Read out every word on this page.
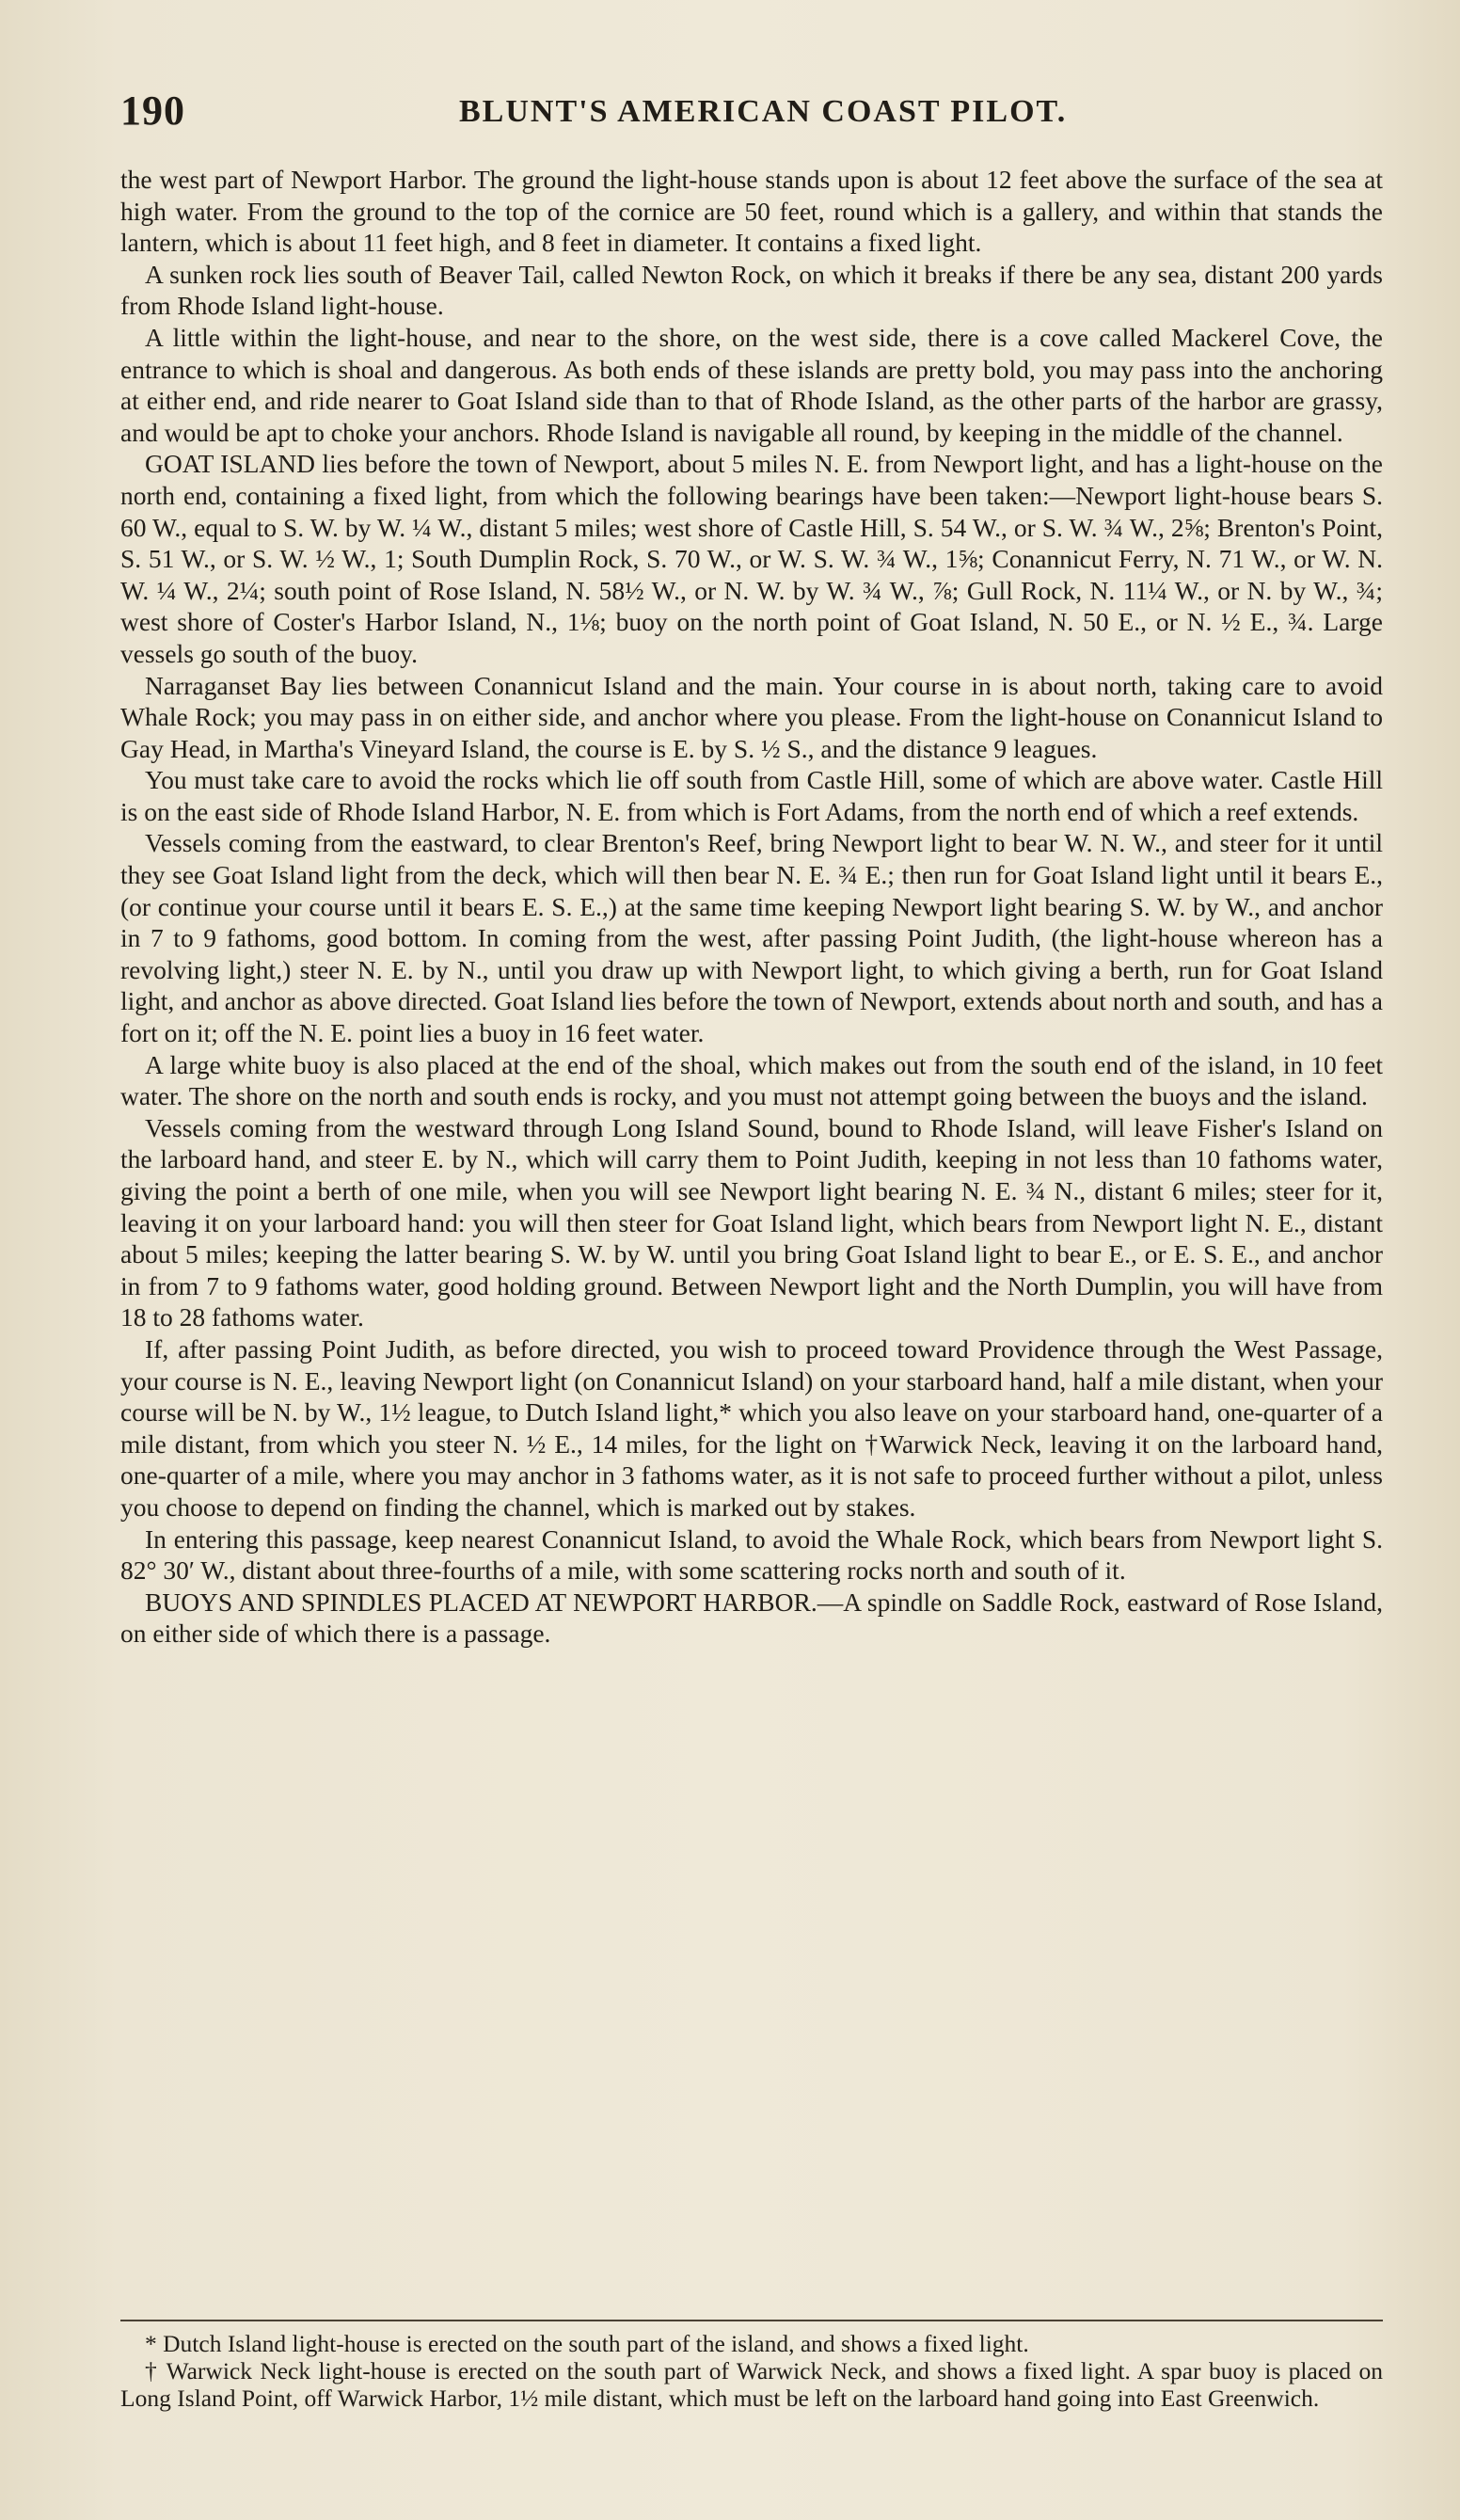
190	BLUNT'S AMERICAN COAST PILOT.

the west part of Newport Harbor. The ground the light-house stands upon is about 12 feet above the surface of the sea at high water. From the ground to the top of the cornice are 50 feet, round which is a gallery, and within that stands the lantern, which is about 11 feet high, and 8 feet in diameter. It contains a fixed light.

A sunken rock lies south of Beaver Tail, called Newton Rock, on which it breaks if there be any sea, distant 200 yards from Rhode Island light-house.

A little within the light-house, and near to the shore, on the west side, there is a cove called Mackerel Cove, the entrance to which is shoal and dangerous. As both ends of these islands are pretty bold, you may pass into the anchoring at either end, and ride nearer to Goat Island side than to that of Rhode Island, as the other parts of the harbor are grassy, and would be apt to choke your anchors. Rhode Island is navigable all round, by keeping in the middle of the channel.

GOAT ISLAND lies before the town of Newport, about 5 miles N. E. from Newport light, and has a light-house on the north end, containing a fixed light, from which the following bearings have been taken:—Newport light-house bears S. 60 W., equal to S. W. by W. ¼ W., distant 5 miles; west shore of Castle Hill, S. 54 W., or S. W. ¾ W., 2⅝; Brenton's Point, S. 51 W., or S. W. ½ W., 1; South Dumplin Rock, S. 70 W., or W. S. W. ¾ W., 1⅝; Conannicut Ferry, N. 71 W., or W. N. W. ¼ W., 2¼; south point of Rose Island, N. 58½ W., or N. W. by W. ¾ W., ⅞; Gull Rock, N. 11¼ W., or N. by W., ¾; west shore of Coster's Harbor Island, N., 1⅛; buoy on the north point of Goat Island, N. 50 E., or N. ½ E., ¾. Large vessels go south of the buoy.

Narraganset Bay lies between Conannicut Island and the main. Your course in is about north, taking care to avoid Whale Rock; you may pass in on either side, and anchor where you please. From the light-house on Conannicut Island to Gay Head, in Martha's Vineyard Island, the course is E. by S. ½ S., and the distance 9 leagues.

You must take care to avoid the rocks which lie off south from Castle Hill, some of which are above water. Castle Hill is on the east side of Rhode Island Harbor, N. E. from which is Fort Adams, from the north end of which a reef extends.

Vessels coming from the eastward, to clear Brenton's Reef, bring Newport light to bear W. N. W., and steer for it until they see Goat Island light from the deck, which will then bear N. E. ¾ E.; then run for Goat Island light until it bears E., (or continue your course until it bears E. S. E.,) at the same time keeping Newport light bearing S. W. by W., and anchor in 7 to 9 fathoms, good bottom. In coming from the west, after passing Point Judith, (the light-house whereon has a revolving light,) steer N. E. by N., until you draw up with Newport light, to which giving a berth, run for Goat Island light, and anchor as above directed. Goat Island lies before the town of Newport, extends about north and south, and has a fort on it; off the N. E. point lies a buoy in 16 feet water.

A large white buoy is also placed at the end of the shoal, which makes out from the south end of the island, in 10 feet water. The shore on the north and south ends is rocky, and you must not attempt going between the buoys and the island.

Vessels coming from the westward through Long Island Sound, bound to Rhode Island, will leave Fisher's Island on the larboard hand, and steer E. by N., which will carry them to Point Judith, keeping in not less than 10 fathoms water, giving the point a berth of one mile, when you will see Newport light bearing N. E. ¾ N., distant 6 miles; steer for it, leaving it on your larboard hand: you will then steer for Goat Island light, which bears from Newport light N. E., distant about 5 miles; keeping the latter bearing S. W. by W. until you bring Goat Island light to bear E., or E. S. E., and anchor in from 7 to 9 fathoms water, good holding ground. Between Newport light and the North Dumplin, you will have from 18 to 28 fathoms water.

If, after passing Point Judith, as before directed, you wish to proceed toward Providence through the West Passage, your course is N. E., leaving Newport light (on Conannicut Island) on your starboard hand, half a mile distant, when your course will be N. by W., 1½ league, to Dutch Island light,* which you also leave on your starboard hand, one-quarter of a mile distant, from which you steer N. ½ E., 14 miles, for the light on †Warwick Neck, leaving it on the larboard hand, one-quarter of a mile, where you may anchor in 3 fathoms water, as it is not safe to proceed further without a pilot, unless you choose to depend on finding the channel, which is marked out by stakes.

In entering this passage, keep nearest Conannicut Island, to avoid the Whale Rock, which bears from Newport light S. 82° 30′ W., distant about three-fourths of a mile, with some scattering rocks north and south of it.

BUOYS AND SPINDLES PLACED AT NEWPORT HARBOR.—A spindle on Saddle Rock, eastward of Rose Island, on either side of which there is a passage.

* Dutch Island light-house is erected on the south part of the island, and shows a fixed light.

† Warwick Neck light-house is erected on the south part of Warwick Neck, and shows a fixed light. A spar buoy is placed on Long Island Point, off Warwick Harbor, 1½ mile distant, which must be left on the larboard hand going into East Greenwich.
